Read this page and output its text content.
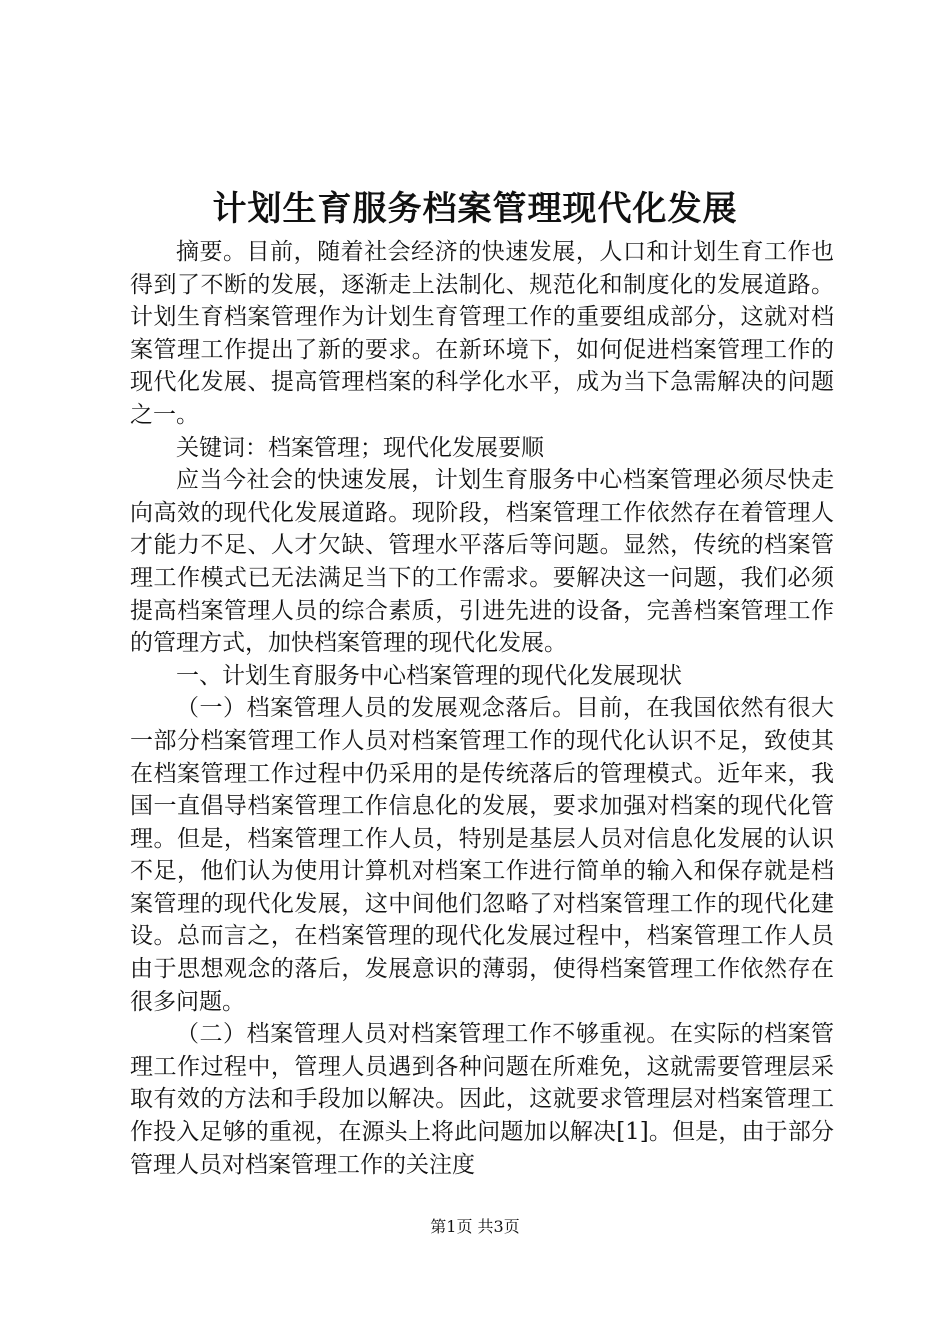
计划生育服务档案管理现代化发展

摘要。目前，随着社会经济的快速发展，人口和计划生育工作也得到了不断的发展，逐渐走上法制化、规范化和制度化的发展道路。计划生育档案管理作为计划生育管理工作的重要组成部分，这就对档案管理工作提出了新的要求。在新环境下，如何促进档案管理工作的现代化发展、提高管理档案的科学化水平，成为当下急需解决的问题之一。

关键词：档案管理；现代化发展要顺

应当今社会的快速发展，计划生育服务中心档案管理必须尽快走向高效的现代化发展道路。现阶段，档案管理工作依然存在着管理人才能力不足、人才欠缺、管理水平落后等问题。显然，传统的档案管理工作模式已无法满足当下的工作需求。要解决这一问题，我们必须提高档案管理人员的综合素质，引进先进的设备，完善档案管理工作的管理方式，加快档案管理的现代化发展。

一、计划生育服务中心档案管理的现代化发展现状

（一）档案管理人员的发展观念落后。目前，在我国依然有很大一部分档案管理工作人员对档案管理工作的现代化认识不足，致使其在档案管理工作过程中仍采用的是传统落后的管理模式。近年来，我国一直倡导档案管理工作信息化的发展，要求加强对档案的现代化管理。但是，档案管理工作人员，特别是基层人员对信息化发展的认识不足，他们认为使用计算机对档案工作进行简单的输入和保存就是档案管理的现代化发展，这中间他们忽略了对档案管理工作的现代化建设。总而言之，在档案管理的现代化发展过程中，档案管理工作人员由于思想观念的落后，发展意识的薄弱，使得档案管理工作依然存在很多问题。

（二）档案管理人员对档案管理工作不够重视。在实际的档案管理工作过程中，管理人员遇到各种问题在所难免，这就需要管理层采取有效的方法和手段加以解决。因此，这就要求管理层对档案管理工作投入足够的重视，在源头上将此问题加以解决[1]。但是，由于部分管理人员对档案管理工作的关注度

第1页 共3页
